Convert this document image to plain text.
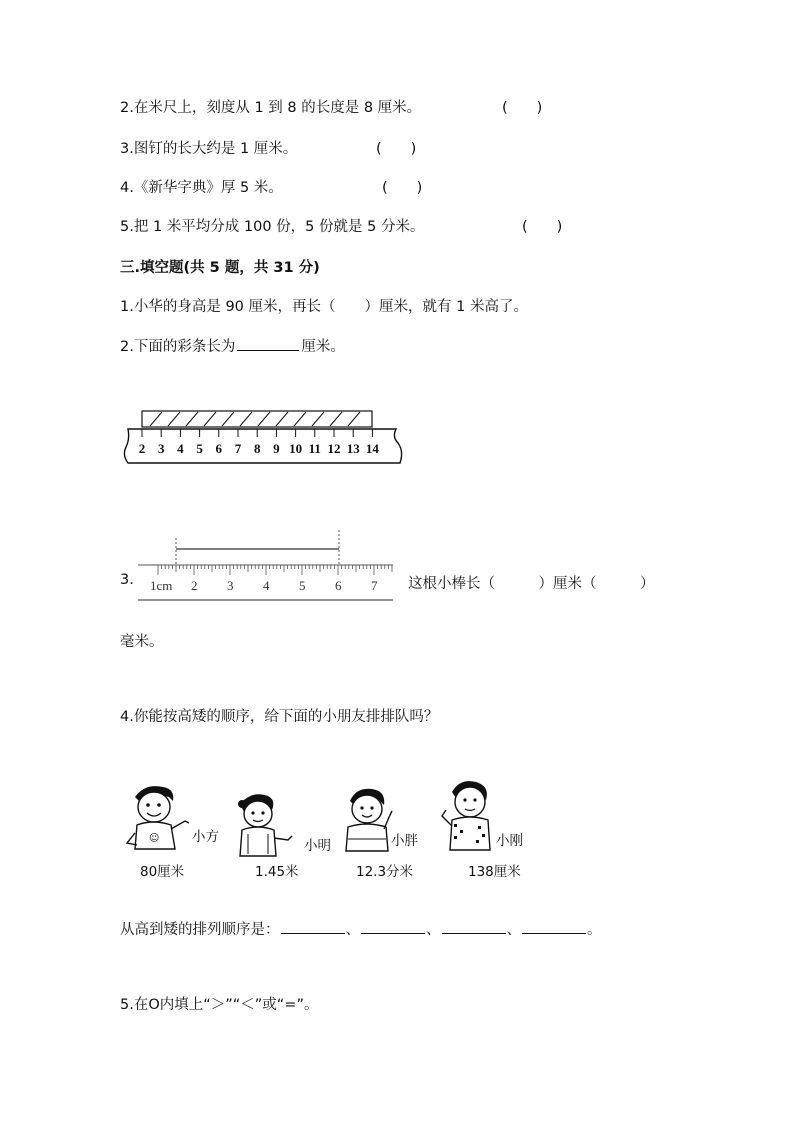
2.在米尺上，刻度从 1 到 8 的长度是 8 厘米。	(　　)
3.图钉的长大约是 1 厘米。	(　　)
4.《新华字典》厚 5 米。	(　　)
5.把 1 米平均分成 100 份，5 份就是 5 分米。	(　　)
三.填空题(共 5 题，共 31 分)
1.小华的身高是 90 厘米，再长（　　）厘米，就有 1 米高了。
2.下面的彩条长为	厘米。
2 3 4 5 6 7 8 9 10 11 12 13 14
3. 1cm 2 3 4 5 6 7 这根小棒长（　　　）厘米（　　　）
毫米。
4.你能按高矮的顺序，给下面的小朋友排排队吗？
☺ 小方
小明	小胖	小刚
80厘米	1.45米	12.3分米	138厘米
从高到矮的排列顺序是：	、	、	、	。
5.在O内填上“＞”“＜”或“=”。
